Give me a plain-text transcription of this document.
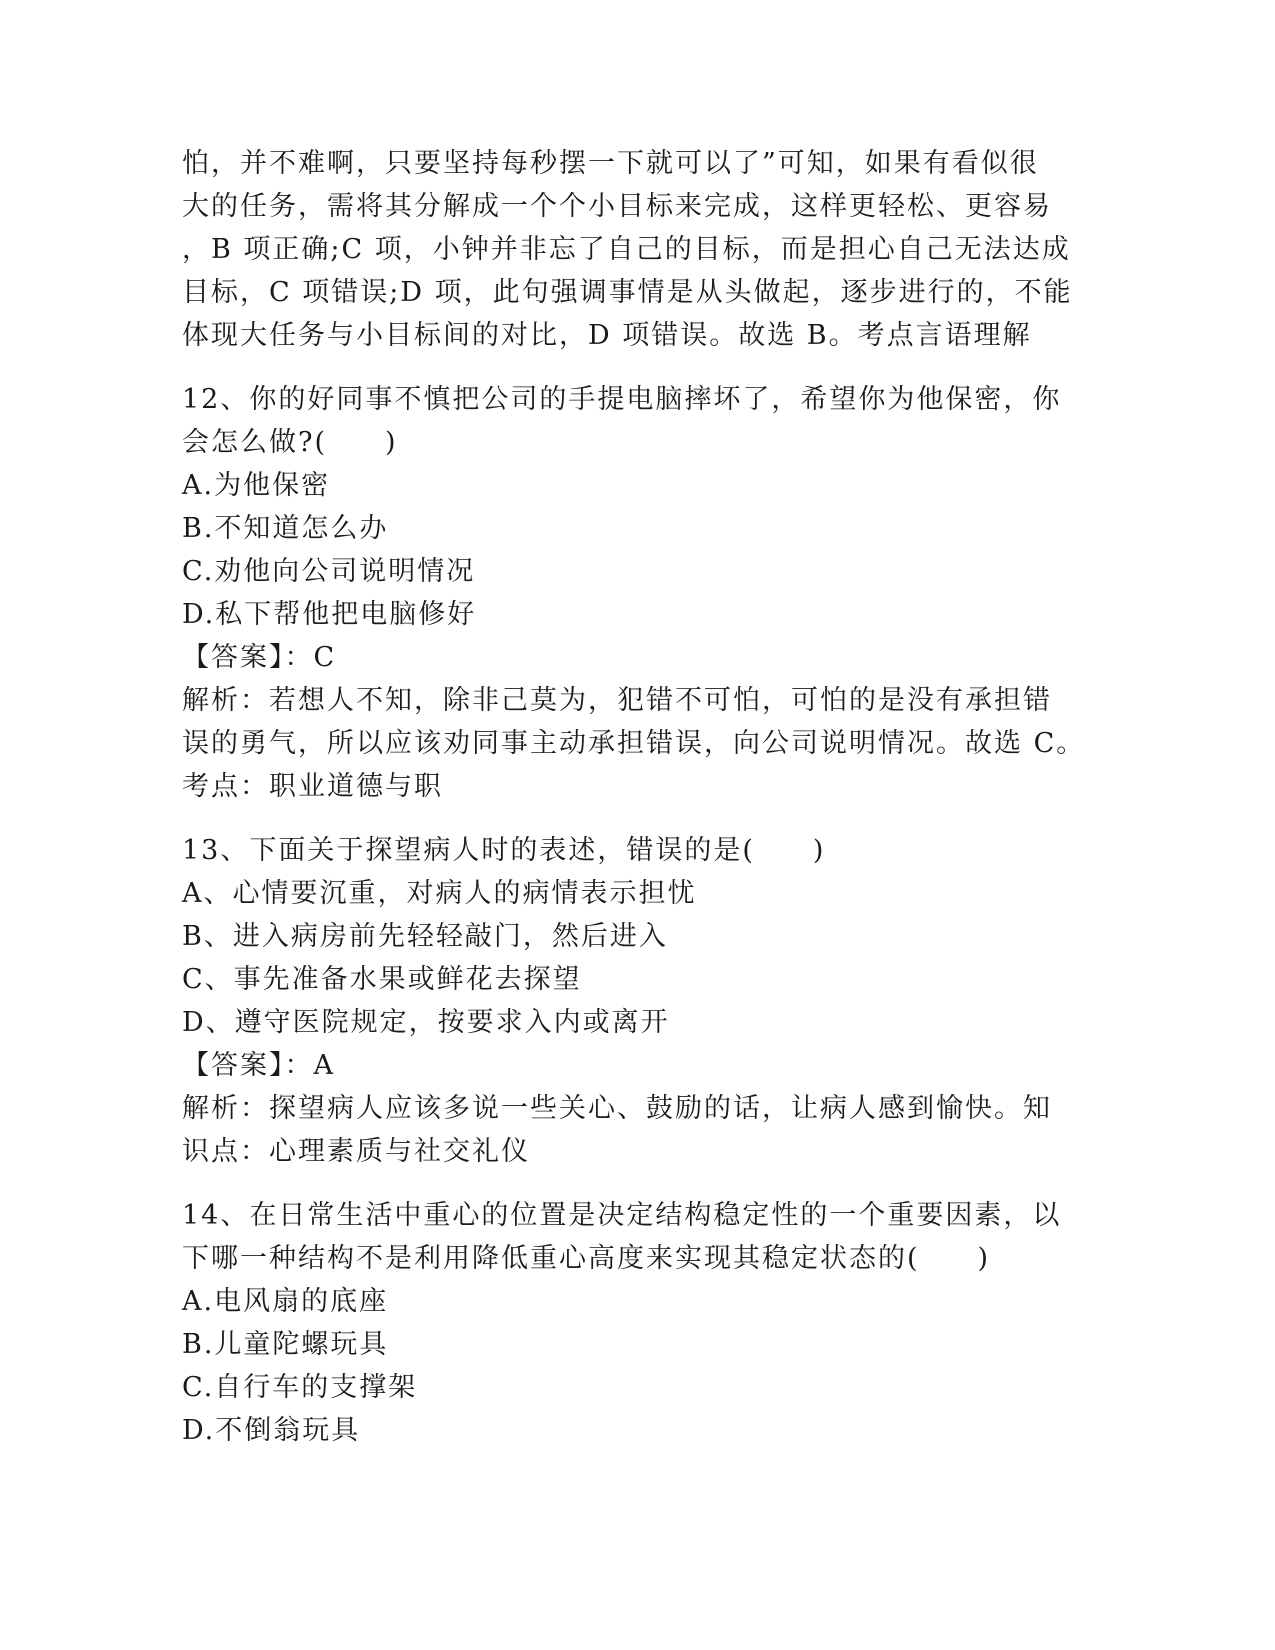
怕，并不难啊，只要坚持每秒摆一下就可以了”可知，如果有看似很
大的任务，需将其分解成一个个小目标来完成，这样更轻松、更容易
，B 项正确;C 项，小钟并非忘了自己的目标，而是担心自己无法达成
目标，C 项错误;D 项，此句强调事情是从头做起，逐步进行的，不能
体现大任务与小目标间的对比，D 项错误。故选 B。考点言语理解
12、你的好同事不慎把公司的手提电脑摔坏了，希望你为他保密，你
会怎么做?(　　)
A.为他保密
B.不知道怎么办
C.劝他向公司说明情况
D.私下帮他把电脑修好
【答案】：C
解析：若想人不知，除非己莫为，犯错不可怕，可怕的是没有承担错
误的勇气，所以应该劝同事主动承担错误，向公司说明情况。故选 C。
考点：职业道德与职
13、下面关于探望病人时的表述，错误的是(　　)
A、心情要沉重，对病人的病情表示担忧
B、进入病房前先轻轻敲门，然后进入
C、事先准备水果或鲜花去探望
D、遵守医院规定，按要求入内或离开
【答案】：A
解析：探望病人应该多说一些关心、鼓励的话，让病人感到愉快。知
识点：心理素质与社交礼仪
14、在日常生活中重心的位置是决定结构稳定性的一个重要因素，以
下哪一种结构不是利用降低重心高度来实现其稳定状态的(　　)
A.电风扇的底座
B.儿童陀螺玩具
C.自行车的支撑架
D.不倒翁玩具
